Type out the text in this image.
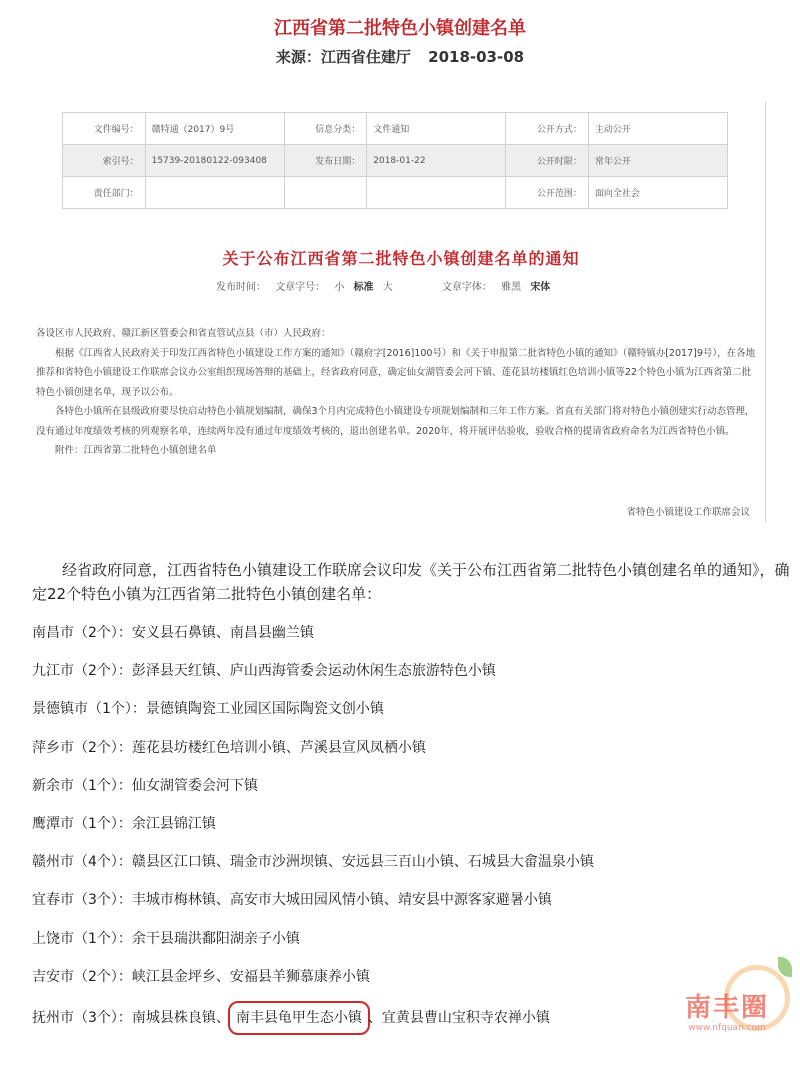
江西省第二批特色小镇创建名单
来源：江西省住建厅 2018-03-08
文件编号：	赣特通（2017）9号	信息分类：	文件通知	公开方式：	主动公开
索引号：	15739-20180122-093408	发布日期：	2018-01-22	公开时限：	常年公开
责任部门：				公开范围：	面向全社会
关于公布江西省第二批特色小镇创建名单的通知
发布时间： 文章字号： 小 标准 大	文章字体： 雅黑 宋体

各设区市人民政府、赣江新区管委会和省直管试点县（市）人民政府：

根据《江西省人民政府关于印发江西省特色小镇建设工作方案的通知》（赣府字[2016]100号）和《关于申报第二批省特色小镇的通知》（赣特镇办[2017]9号），在各地推荐和省特色小镇建设工作联席会议办公室组织现场答辩的基础上，经省政府同意，确定仙女湖管委会河下镇、莲花县坊楼镇红色培训小镇等22个特色小镇为江西省第二批特色小镇创建名单，现予以公布。

各特色小镇所在县级政府要尽快启动特色小镇规划编制，确保3个月内完成特色小镇建设专项规划编制和三年工作方案。省直有关部门将对特色小镇创建实行动态管理，没有通过年度绩效考核的列观察名单，连续两年没有通过年度绩效考核的，退出创建名单。2020年，将开展评估验收，验收合格的提请省政府命名为江西省特色小镇。

附件：江西省第二批特色小镇创建名单

省特色小镇建设工作联席会议
经省政府同意，江西省特色小镇建设工作联席会议印发《关于公布江西省第二批特色小镇创建名单的通知》，确
定22个特色小镇为江西省第二批特色小镇创建名单：
南昌市（2个）：安义县石鼻镇、南昌县幽兰镇
九江市（2个）：彭泽县天红镇、庐山西海管委会运动休闲生态旅游特色小镇
景德镇市（1个）：景德镇陶瓷工业园区国际陶瓷文创小镇
萍乡市（2个）：莲花县坊楼红色培训小镇、芦溪县宣风凤栖小镇
新余市（1个）：仙女湖管委会河下镇
鹰潭市（1个）：余江县锦江镇
赣州市（4个）：赣县区江口镇、瑞金市沙洲坝镇、安远县三百山小镇、石城县大畲温泉小镇
宜春市（3个）：丰城市梅林镇、高安市大城田园风情小镇、靖安县中源客家避暑小镇
上饶市（1个）：余干县瑞洪鄱阳湖亲子小镇
吉安市（2个）：峡江县金坪乡、安福县羊狮慕康养小镇
抚州市（3个）：南城县株良镇、 南丰县龟甲生态小镇 、宜黄县曹山宝积寺农禅小镇	南丰圈
www.nfquan.com
